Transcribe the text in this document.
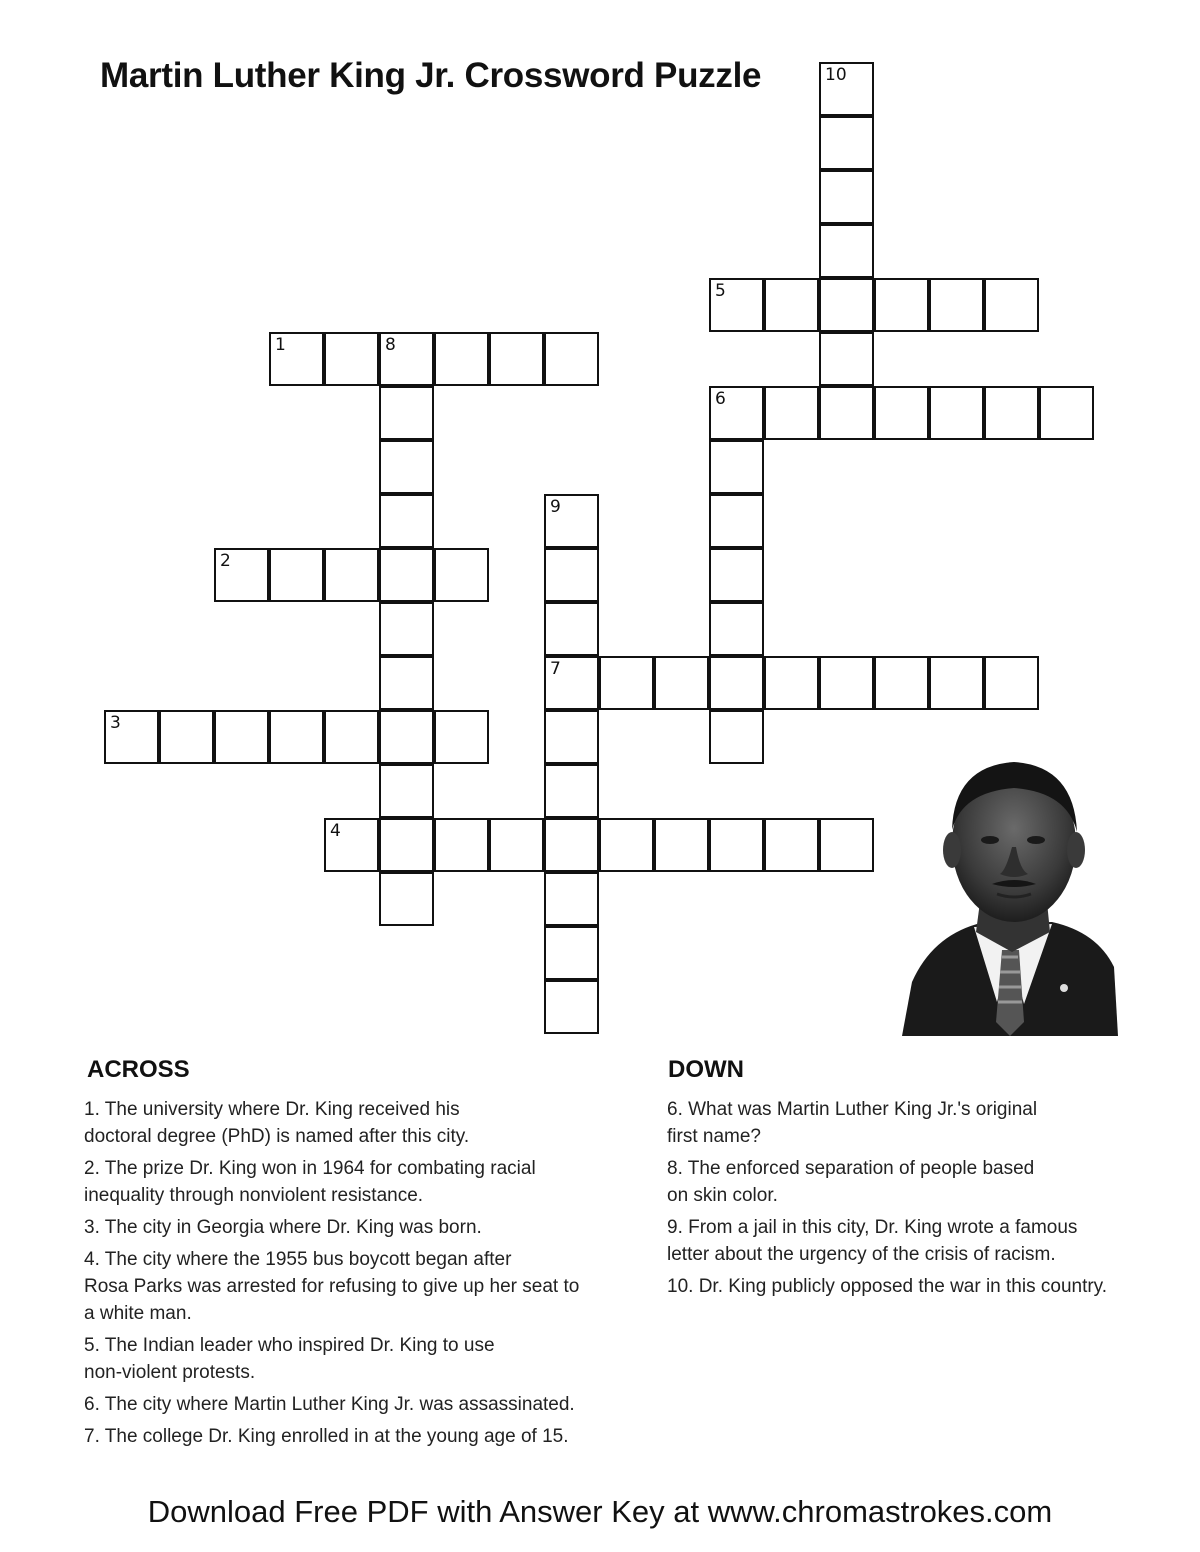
Martin Luther King Jr. Crossword Puzzle
1	8
2
3
4
5
6
7
9
10
ACROSS	DOWN
1. The university where Dr. King received his
doctoral degree (PhD) is named after this city.
2. The prize Dr. King won in 1964 for combating racial
inequality through nonviolent resistance.
3. The city in Georgia where Dr. King was born.
4. The city where the 1955 bus boycott began after
Rosa Parks was arrested for refusing to give up her seat to
a white man.
5. The Indian leader who inspired Dr. King to use
non-violent protests.
6. The city where Martin Luther King Jr. was assassinated.
7. The college Dr. King enrolled in at the young age of 15.
6. What was Martin Luther King Jr.'s original
first name?
8. The enforced separation of people based
on skin color.
9. From a jail in this city, Dr. King wrote a famous
letter about the urgency of the crisis of racism.
10. Dr. King publicly opposed the war in this country.
Download Free PDF with Answer Key at www.chromastrokes.com
